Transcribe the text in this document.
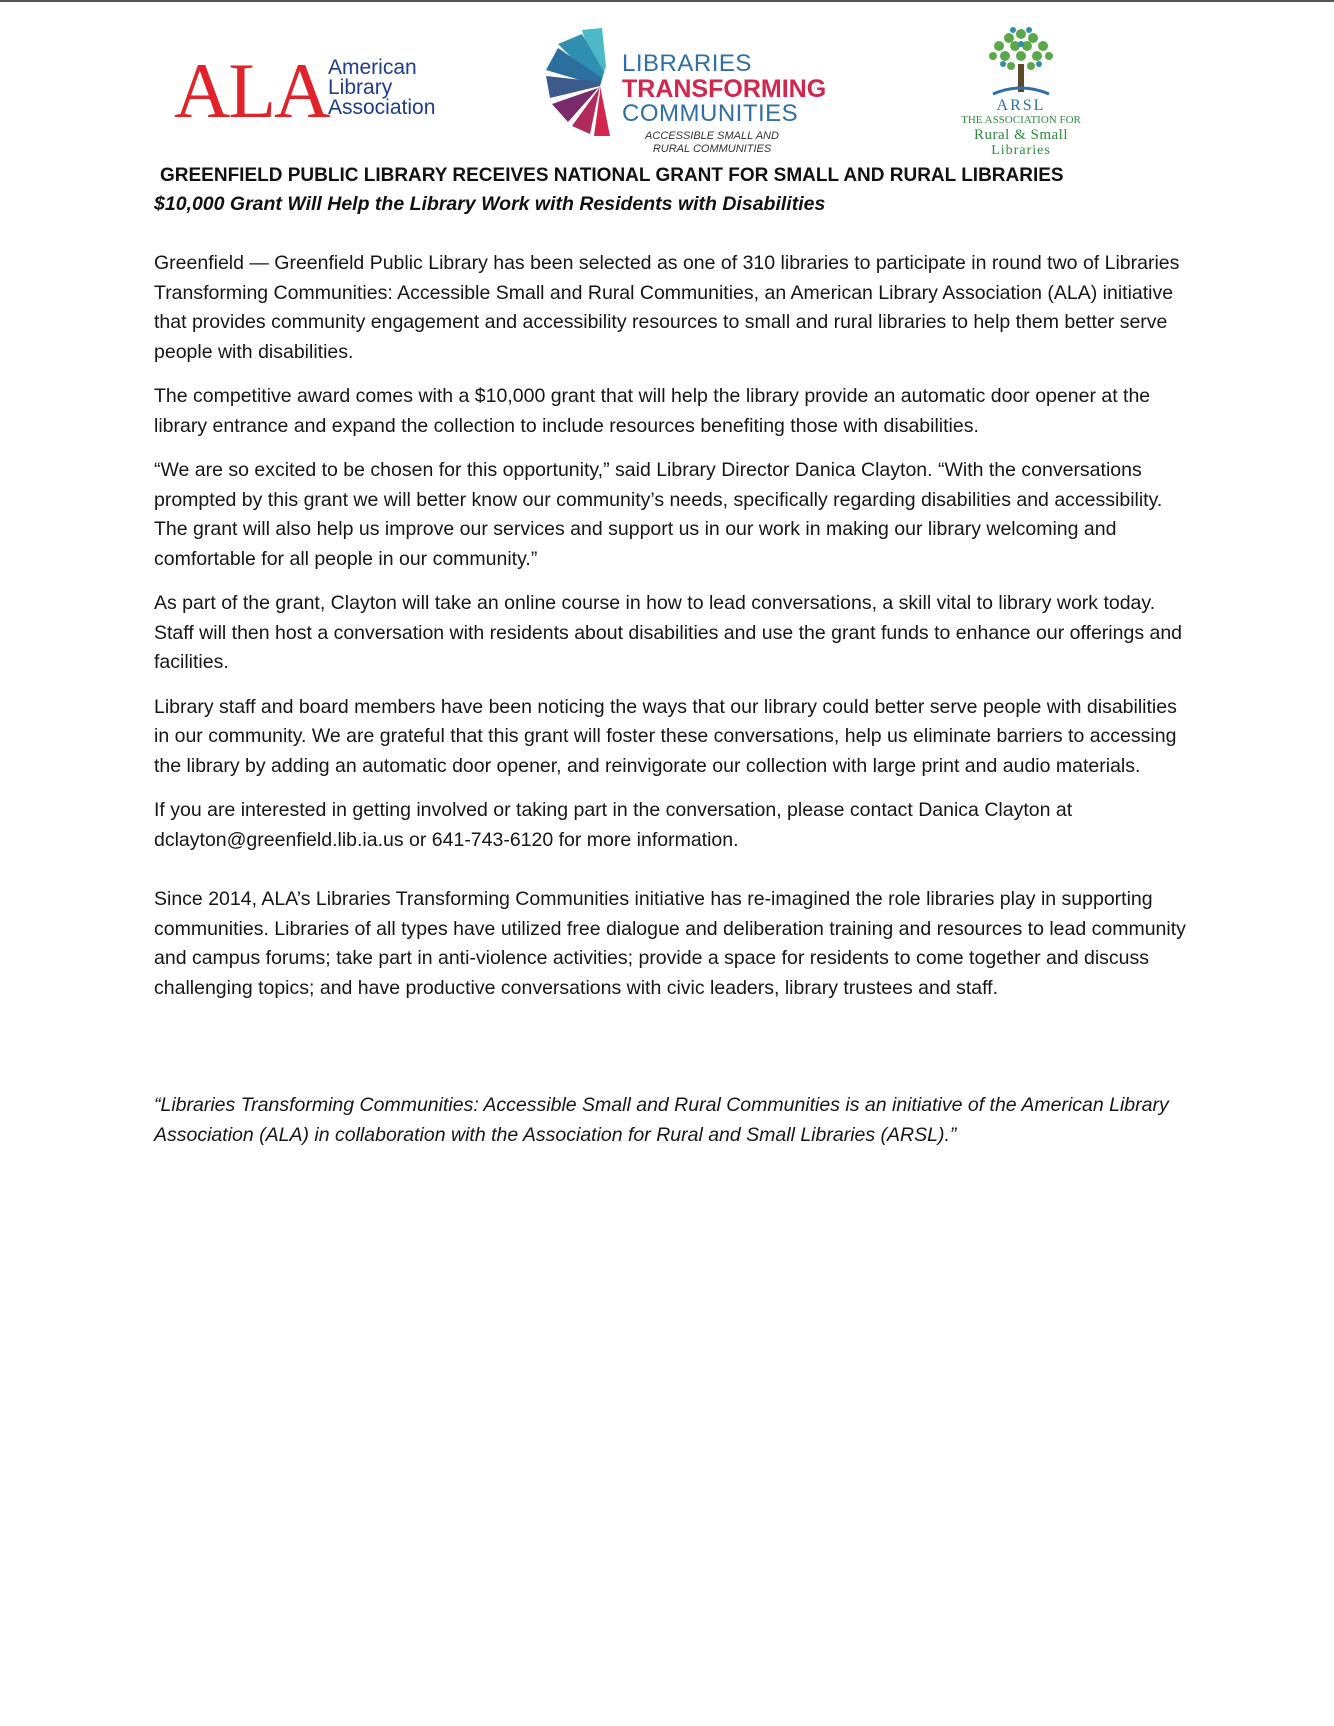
ALA American
Library
Association
LIBRARIES
TRANSFORMING
COMMUNITIES
ACCESSIBLE SMALL AND
RURAL COMMUNITIES
ARSL
THE ASSOCIATION FOR
Rural & Small
Libraries
GREENFIELD PUBLIC LIBRARY RECEIVES NATIONAL GRANT FOR SMALL AND RURAL LIBRARIES
$10,000 Grant Will Help the Library Work with Residents with Disabilities

Greenfield — Greenfield Public Library has been selected as one of 310 libraries to participate in round two of Libraries Transforming Communities: Accessible Small and Rural Communities, an American Library Association (ALA) initiative that provides community engagement and accessibility resources to small and rural libraries to help them better serve people with disabilities.

The competitive award comes with a $10,000 grant that will help the library provide an automatic door opener at the library entrance and expand the collection to include resources benefiting those with disabilities.

“We are so excited to be chosen for this opportunity,” said Library Director Danica Clayton. “With the conversations prompted by this grant we will better know our community’s needs, specifically regarding disabilities and accessibility. The grant will also help us improve our services and support us in our work in making our library welcoming and comfortable for all people in our community.”

As part of the grant, Clayton will take an online course in how to lead conversations, a skill vital to library work today. Staff will then host a conversation with residents about disabilities and use the grant funds to enhance our offerings and facilities.

Library staff and board members have been noticing the ways that our library could better serve people with disabilities in our community. We are grateful that this grant will foster these conversations, help us eliminate barriers to accessing the library by adding an automatic door opener, and reinvigorate our collection with large print and audio materials.

If you are interested in getting involved or taking part in the conversation, please contact Danica Clayton at dclayton@greenfield.lib.ia.us or 641-743-6120 for more information.

Since 2014, ALA’s Libraries Transforming Communities initiative has re-imagined the role libraries play in supporting communities. Libraries of all types have utilized free dialogue and deliberation training and resources to lead community and campus forums; take part in anti-violence activities; provide a space for residents to come together and discuss challenging topics; and have productive conversations with civic leaders, library trustees and staff.

“Libraries Transforming Communities: Accessible Small and Rural Communities is an initiative of the American Library Association (ALA) in collaboration with the Association for Rural and Small Libraries (ARSL).”
